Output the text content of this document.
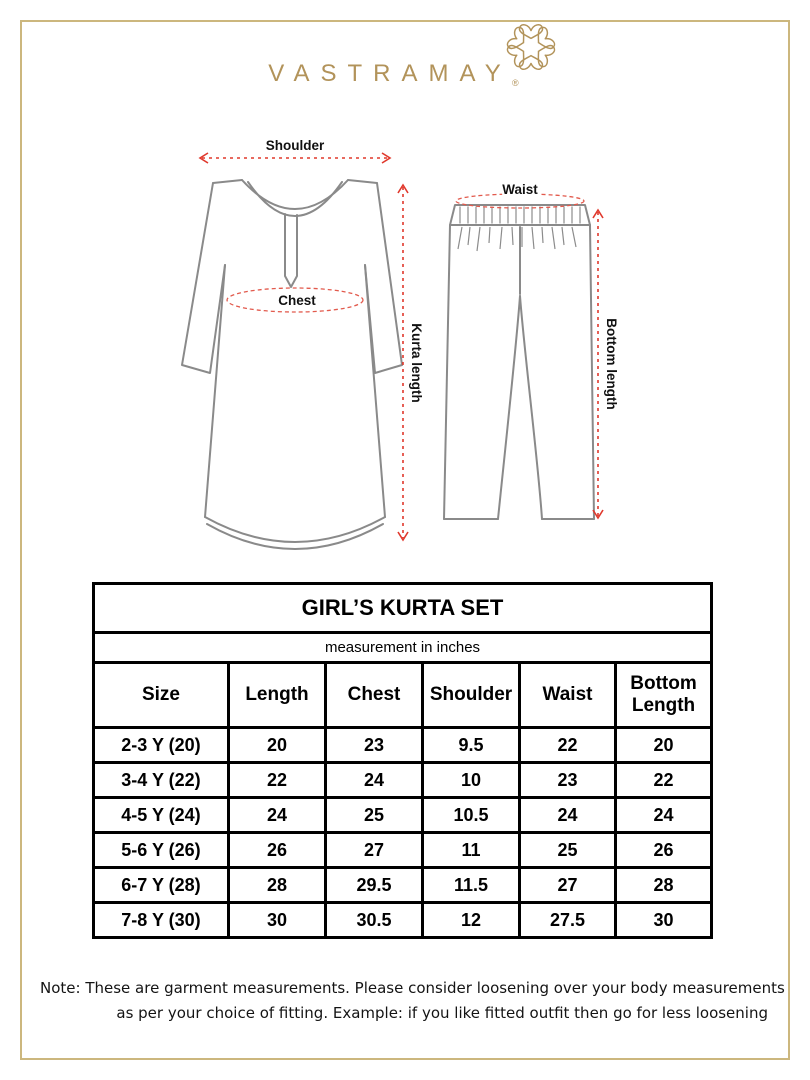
VASTRAMAY ®
Shoulder
Chest
Waist
Kurta length	Bottom length
GIRL’S KURTA SET					
measurement in inches					
Size	Length	Chest	Shoulder	Waist	Bottom Length
2-3 Y (20)	20	23	9.5	22	20
3-4 Y (22)	22	24	10	23	22
4-5 Y (24)	24	25	10.5	24	24
5-6 Y (26)	26	27	11	25	26
6-7 Y (28)	28	29.5	11.5	27	28
7-8 Y (30)	30	30.5	12	27.5	30
Note: These are garment measurements. Please consider loosening over your body measurements
as per your choice of fitting. Example: if you like fitted outfit then go for less loosening
